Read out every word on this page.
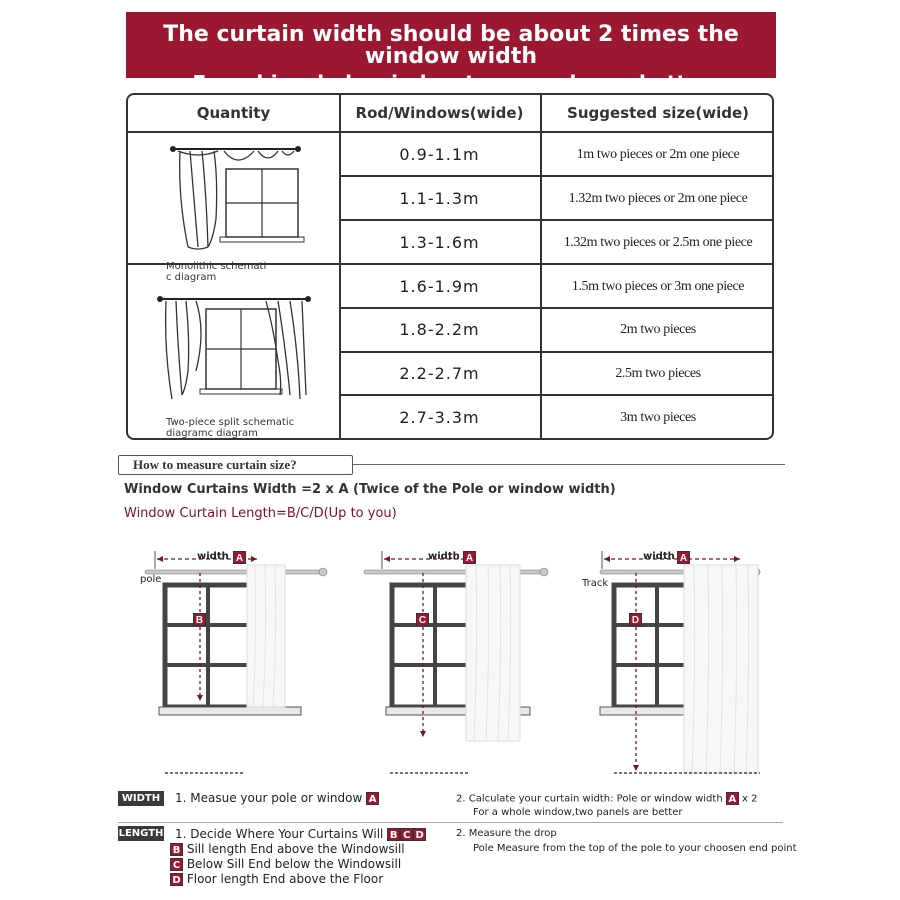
The curtain width should be about 2 times the window width
For a big whole window,two panels are better
Quantity	Rod/Windows(wide)	Suggested size(wide)
0.9-1.1m	1m two pieces or 2m one piece
1.1-1.3m	1.32m two pieces or 2m one piece
1.3-1.6m	1.32m two pieces or 2.5m one piece
1.6-1.9m	1.5m two pieces or 3m one piece
1.8-2.2m	2m two pieces
2.2-2.7m	2.5m two pieces
2.7-3.3m	3m two pieces
Monolithic schemati
c diagram
Two-piece split schematic
diagramc diagram
How to measure curtain size?
Window Curtains Width =2 x A (Twice of the Pole or window width)
Window Curtain Length=B/C/D(Up to you)
pole
width A
B
width A
C
Track
width A
D
WIDTH	1. Measue your pole or window A	2. Calculate your curtain width: Pole or window width A x 2
For a whole window,two panels are better
LENGTH 1. Decide Where Your Curtains Will B C D
B Sill length End above the Windowsill
C Below Sill End below the Windowsill
D Floor length End above the Floor
2. Measure the drop
Pole Measure from the top of the pole to your choosen end point
